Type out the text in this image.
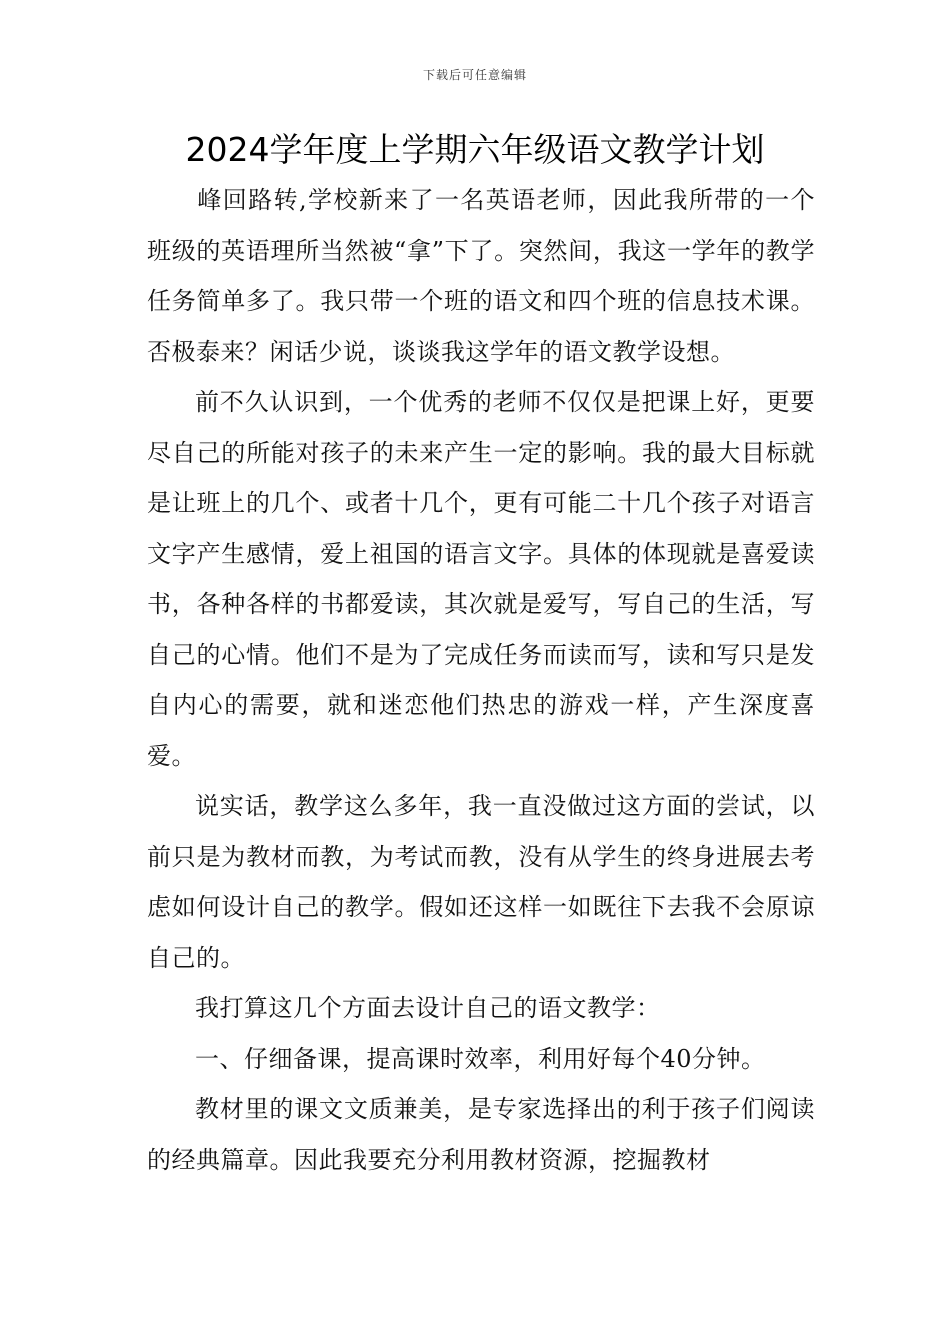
下载后可任意编辑
2024学年度上学期六年级语文教学计划

峰回路转,学校新来了一名英语老师，因此我所带的一个班级的英语理所当然被“拿”下了。突然间，我这一学年的教学任务简单多了。我只带一个班的语文和四个班的信息技术课。否极泰来？闲话少说，谈谈我这学年的语文教学设想。

前不久认识到，一个优秀的老师不仅仅是把课上好，更要尽自己的所能对孩子的未来产生一定的影响。我的最大目标就是让班上的几个、或者十几个，更有可能二十几个孩子对语言文字产生感情，爱上祖国的语言文字。具体的体现就是喜爱读书，各种各样的书都爱读，其次就是爱写，写自己的生活，写自己的心情。他们不是为了完成任务而读而写，读和写只是发自内心的需要，就和迷恋他们热忠的游戏一样，产生深度喜爱。

说实话，教学这么多年，我一直没做过这方面的尝试，以前只是为教材而教，为考试而教，没有从学生的终身进展去考虑如何设计自己的教学。假如还这样一如既往下去我不会原谅自己的。

我打算这几个方面去设计自己的语文教学：

一、仔细备课，提高课时效率，利用好每个40分钟。

教材里的课文文质兼美，是专家选择出的利于孩子们阅读的经典篇章。因此我要充分利用教材资源，挖掘教材
